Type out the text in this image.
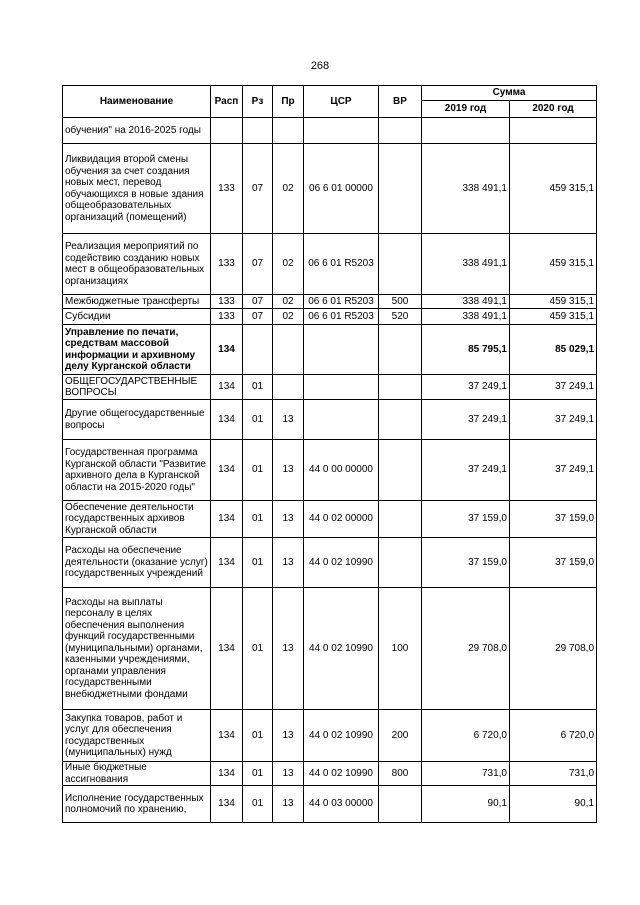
268
Наименование	Расп	Рз	Пр	ЦСР	ВР	Сумма	
						2019 год	2020 год
обучения" на 2016-2025 годы							
Ликвидация второй смены обучения за счет создания новых мест, перевод обучающихся в новые здания общеобразовательных организаций (помещений)	133	07	02	06 6 01 00000		338 491,1	459 315,1
Реализация мероприятий по содействию созданию новых мест в общеобразовательных организациях	133	07	02	06 6 01 R5203		338 491,1	459 315,1
Межбюджетные трансферты	133	07	02	06 6 01 R5203	500	338 491,1	459 315,1
Субсидии	133	07	02	06 6 01 R5203	520	338 491,1	459 315,1
Управление по печати, средствам массовой информации и архивному делу Курганской области	134					85 795,1	85 029,1
ОБЩЕГОСУДАРСТВЕННЫЕ ВОПРОСЫ	134	01				37 249,1	37 249,1
Другие общегосударственные вопросы	134	01	13			37 249,1	37 249,1
Государственная программа Курганской области "Развитие архивного дела в Курганской области на 2015-2020 годы"	134	01	13	44 0 00 00000		37 249,1	37 249,1
Обеспечение деятельности государственных архивов Курганской области	134	01	13	44 0 02 00000		37 159,0	37 159,0
Расходы на обеспечение деятельности (оказание услуг) государственных учреждений	134	01	13	44 0 02 10990		37 159,0	37 159,0
Расходы на выплаты персоналу в целях обеспечения выполнения функций государственными (муниципальными) органами, казенными учреждениями, органами управления государственными внебюджетными фондами	134	01	13	44 0 02 10990	100	29 708,0	29 708,0
Закупка товаров, работ и услуг для обеспечения государственных (муниципальных) нужд	134	01	13	44 0 02 10990	200	6 720,0	6 720,0
Иные бюджетные ассигнования	134	01	13	44 0 02 10990	800	731,0	731,0
Исполнение государственных полномочий по хранению,	134	01	13	44 0 03 00000		90,1	90,1
